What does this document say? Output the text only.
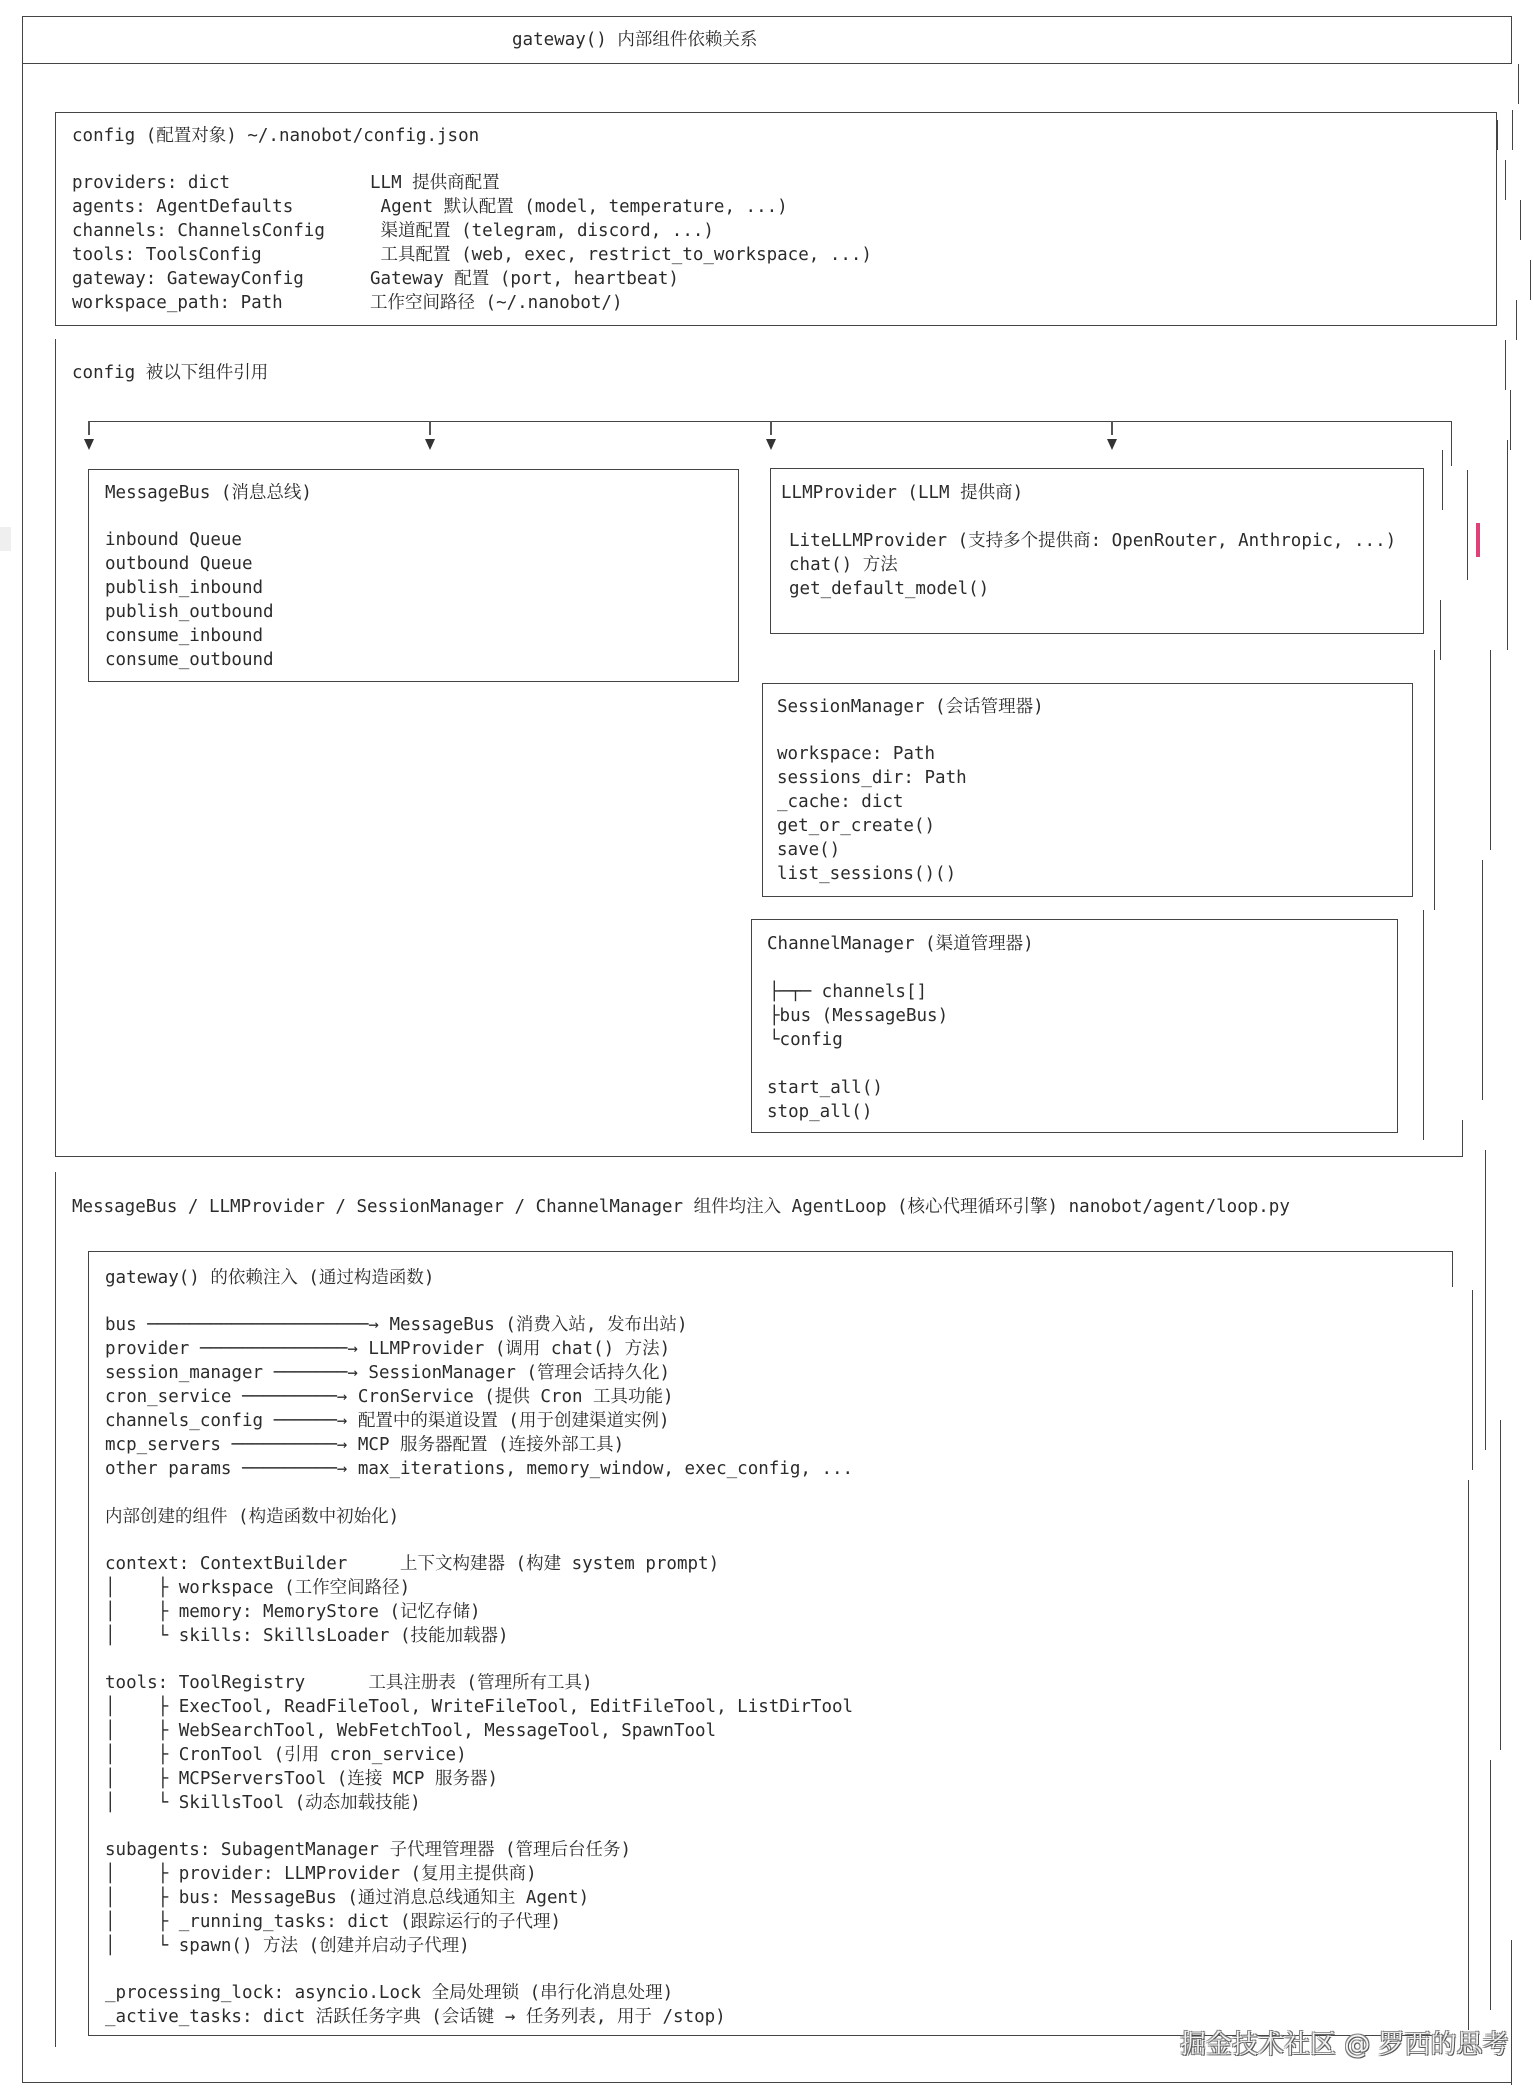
gateway() 内部组件依赖关系
config (配置对象) ~/.nanobot/config.json
providers: dict	LLM 提供商配置
agents: AgentDefaults	Agent 默认配置 (model, temperature, ...)
channels: ChannelsConfig	渠道配置 (telegram, discord, ...)
tools: ToolsConfig	工具配置 (web, exec, restrict_to_workspace, ...)
gateway: GatewayConfig	Gateway 配置 (port, heartbeat)
workspace_path: Path	工作空间路径 (~/.nanobot/)
config 被以下组件引用
MessageBus (消息总线)
inbound Queue
outbound Queue
publish_inbound
publish_outbound
consume_inbound
consume_outbound
LLMProvider (LLM 提供商)
LiteLLMProvider (支持多个提供商: OpenRouter, Anthropic, ...)
chat() 方法
get_default_model()
SessionManager (会话管理器)
workspace: Path
sessions_dir: Path
_cache: dict
get_or_create()
save()
list_sessions()()
ChannelManager (渠道管理器)
├─┬─ channels[]
├bus (MessageBus)
└config
start_all()
stop_all()
MessageBus / LLMProvider / SessionManager / ChannelManager 组件均注入 AgentLoop (核心代理循环引擎) nanobot/agent/loop.py
gateway() 的依赖注入 (通过构造函数)
bus ─────────────────────→ MessageBus (消费入站, 发布出站)
provider ──────────────→ LLMProvider (调用 chat() 方法)
session_manager ───────→ SessionManager (管理会话持久化)
cron_service ─────────→ CronService (提供 Cron 工具功能)
channels_config ──────→ 配置中的渠道设置 (用于创建渠道实例)
mcp_servers ──────────→ MCP 服务器配置 (连接外部工具)
other params ─────────→ max_iterations, memory_window, exec_config, ...
内部创建的组件 (构造函数中初始化)
context: ContextBuilder     上下文构建器 (构建 system prompt)
│    ├ workspace (工作空间路径)
│    ├ memory: MemoryStore (记忆存储)
│    └ skills: SkillsLoader (技能加载器)
tools: ToolRegistry      工具注册表 (管理所有工具)
│    ├ ExecTool, ReadFileTool, WriteFileTool, EditFileTool, ListDirTool
│    ├ WebSearchTool, WebFetchTool, MessageTool, SpawnTool
│    ├ CronTool (引用 cron_service)
│    ├ MCPServersTool (连接 MCP 服务器)
│    └ SkillsTool (动态加载技能)
subagents: SubagentManager 子代理管理器 (管理后台任务)
│    ├ provider: LLMProvider (复用主提供商)
│    ├ bus: MessageBus (通过消息总线通知主 Agent)
│    ├ _running_tasks: dict (跟踪运行的子代理)
│    └ spawn() 方法 (创建并启动子代理)
_processing_lock: asyncio.Lock 全局处理锁 (串行化消息处理)
_active_tasks: dict 活跃任务字典 (会话键 → 任务列表, 用于 /stop)
掘金技术社区 @ 罗西的思考
